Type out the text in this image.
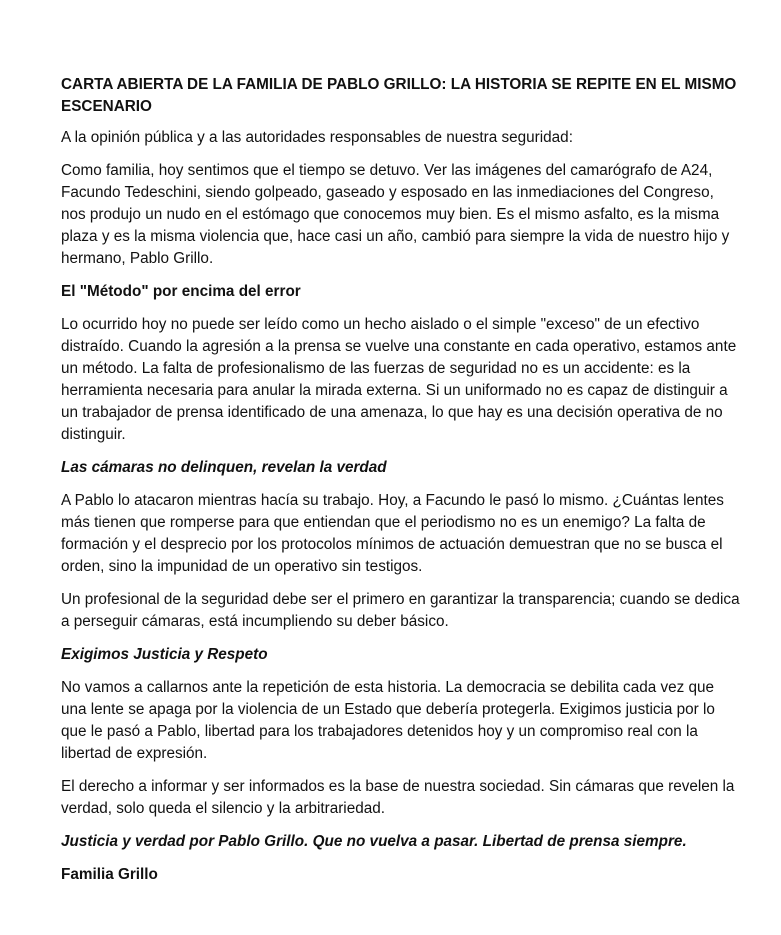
CARTA ABIERTA DE LA FAMILIA DE PABLO GRILLO: LA HISTORIA SE REPITE EN EL MISMO ESCENARIO
A la opinión pública y a las autoridades responsables de nuestra seguridad:
Como familia, hoy sentimos que el tiempo se detuvo. Ver las imágenes del camarógrafo de A24, Facundo Tedeschini, siendo golpeado, gaseado y esposado en las inmediaciones del Congreso, nos produjo un nudo en el estómago que conocemos muy bien. Es el mismo asfalto, es la misma plaza y es la misma violencia que, hace casi un año, cambió para siempre la vida de nuestro hijo y hermano, Pablo Grillo.
El "Método" por encima del error
Lo ocurrido hoy no puede ser leído como un hecho aislado o el simple "exceso" de un efectivo distraído. Cuando la agresión a la prensa se vuelve una constante en cada operativo, estamos ante un método. La falta de profesionalismo de las fuerzas de seguridad no es un accidente: es la herramienta necesaria para anular la mirada externa. Si un uniformado no es capaz de distinguir a un trabajador de prensa identificado de una amenaza, lo que hay es una decisión operativa de no distinguir.
Las cámaras no delinquen, revelan la verdad
A Pablo lo atacaron mientras hacía su trabajo. Hoy, a Facundo le pasó lo mismo. ¿Cuántas lentes más tienen que romperse para que entiendan que el periodismo no es un enemigo? La falta de formación y el desprecio por los protocolos mínimos de actuación demuestran que no se busca el orden, sino la impunidad de un operativo sin testigos.
Un profesional de la seguridad debe ser el primero en garantizar la transparencia; cuando se dedica a perseguir cámaras, está incumpliendo su deber básico.
Exigimos Justicia y Respeto
No vamos a callarnos ante la repetición de esta historia. La democracia se debilita cada vez que una lente se apaga por la violencia de un Estado que debería protegerla. Exigimos justicia por lo que le pasó a Pablo, libertad para los trabajadores detenidos hoy y un compromiso real con la libertad de expresión.
El derecho a informar y ser informados es la base de nuestra sociedad. Sin cámaras que revelen la verdad, solo queda el silencio y la arbitrariedad.
Justicia y verdad por Pablo Grillo. Que no vuelva a pasar. Libertad de prensa siempre.
Familia Grillo
